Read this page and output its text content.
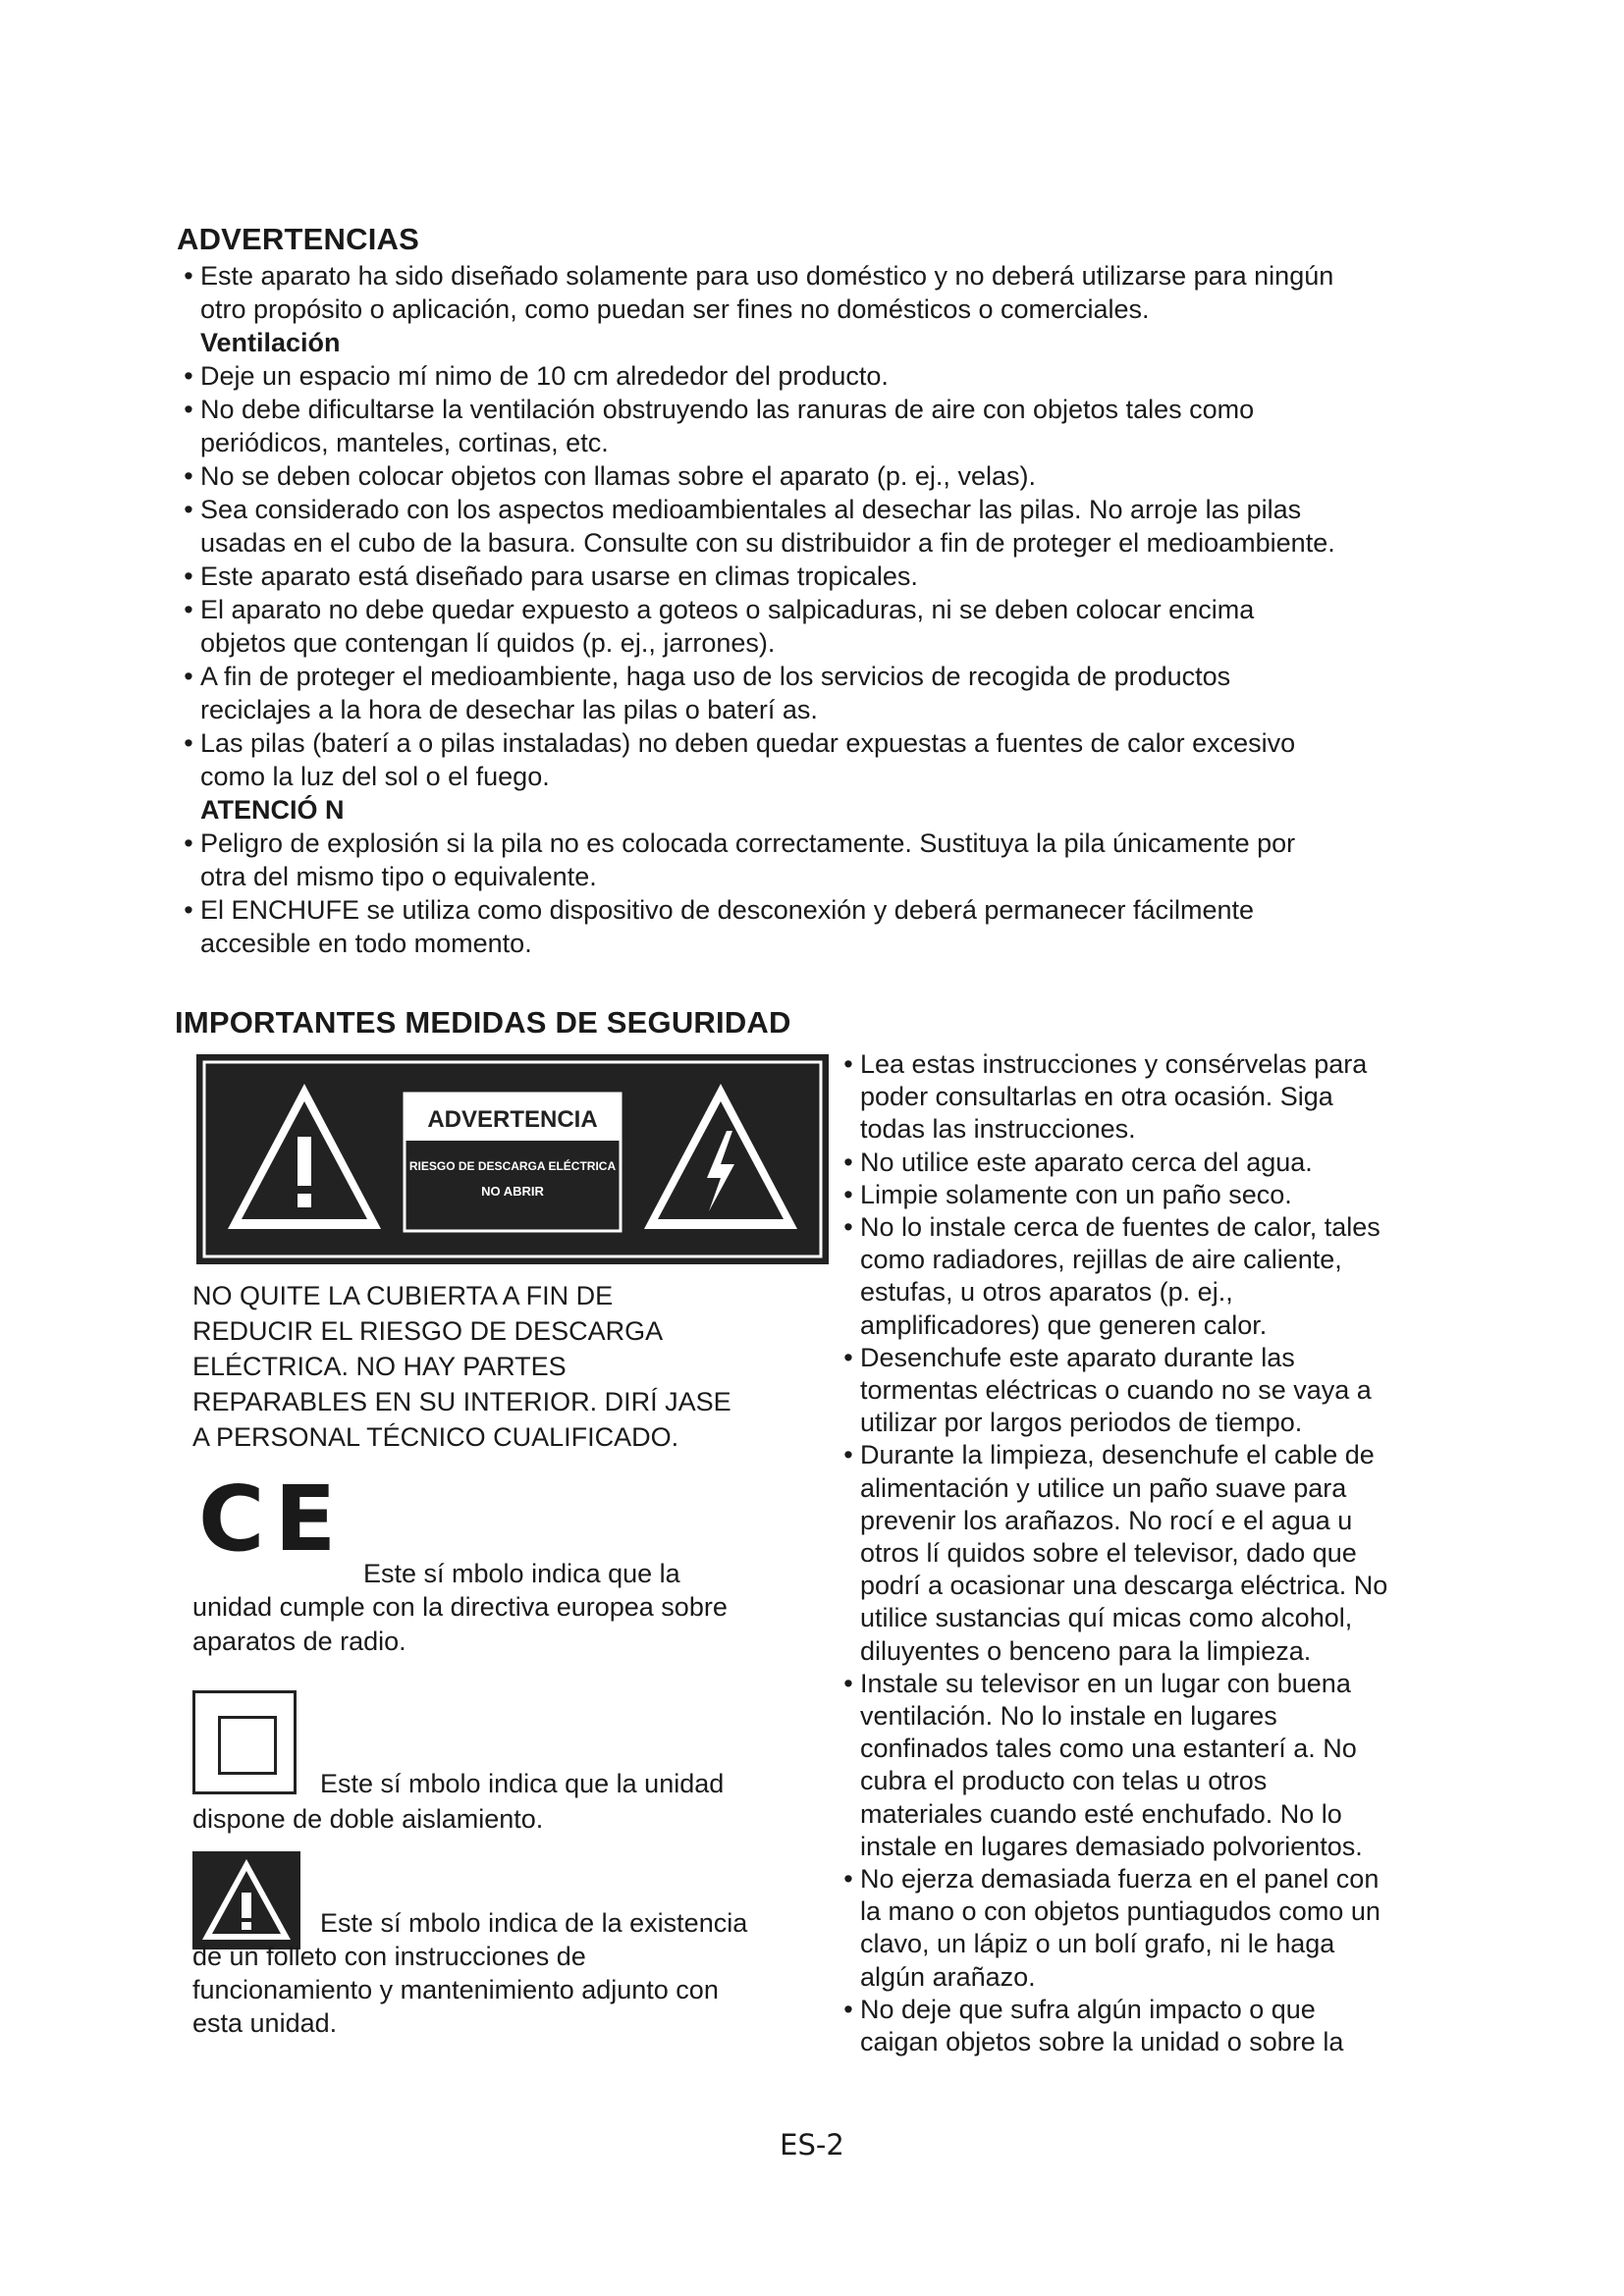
ADVERTENCIAS
• Este aparato ha sido diseñado solamente para uso doméstico y no deberá utilizarse para ningún
otro propósito o aplicación, como puedan ser fines no domésticos o comerciales.
Ventilación
• Deje un espacio mí nimo de 10 cm alrededor del producto.
• No debe dificultarse la ventilación obstruyendo las ranuras de aire con objetos tales como
periódicos, manteles, cortinas, etc.
• No se deben colocar objetos con llamas sobre el aparato (p. ej., velas).
• Sea considerado con los aspectos medioambientales al desechar las pilas. No arroje las pilas
usadas en el cubo de la basura. Consulte con su distribuidor a fin de proteger el medioambiente.
• Este aparato está diseñado para usarse en climas tropicales.
• El aparato no debe quedar expuesto a goteos o salpicaduras, ni se deben colocar encima
objetos que contengan lí quidos (p. ej., jarrones).
• A fin de proteger el medioambiente, haga uso de los servicios de recogida de productos
reciclajes a la hora de desechar las pilas o baterí as.
• Las pilas (baterí a o pilas instaladas) no deben quedar expuestas a fuentes de calor excesivo
como la luz del sol o el fuego.
ATENCIÓ N
• Peligro de explosión si la pila no es colocada correctamente. Sustituya la pila únicamente por
otra del mismo tipo o equivalente.
• El ENCHUFE se utiliza como dispositivo de desconexión y deberá permanecer fácilmente
accesible en todo momento.
IMPORTANTES MEDIDAS DE SEGURIDAD
ADVERTENCIA
RIESGO DE DESCARGA ELÉCTRICA
NO ABRIR
NO QUITE LA CUBIERTA A FIN DE
REDUCIR EL RIESGO DE DESCARGA
ELÉCTRICA. NO HAY PARTES
REPARABLES EN SU INTERIOR. DIRÍ JASE
A PERSONAL TÉCNICO CUALIFICADO.
CE
Este sí mbolo indica que la
unidad cumple con la directiva europea sobre
aparatos de radio.
Este sí mbolo indica que la unidad
dispone de doble aislamiento.
Este sí mbolo indica de la existencia
de un folleto con instrucciones de
funcionamiento y mantenimiento adjunto con
esta unidad.
• Lea estas instrucciones y consérvelas para
poder consultarlas en otra ocasión. Siga
todas las instrucciones.
• No utilice este aparato cerca del agua.
• Limpie solamente con un paño seco.
• No lo instale cerca de fuentes de calor, tales
como radiadores, rejillas de aire caliente,
estufas, u otros aparatos (p. ej.,
amplificadores) que generen calor.
• Desenchufe este aparato durante las
tormentas eléctricas o cuando no se vaya a
utilizar por largos periodos de tiempo.
• Durante la limpieza, desenchufe el cable de
alimentación y utilice un paño suave para
prevenir los arañazos. No rocí e el agua u
otros lí quidos sobre el televisor, dado que
podrí a ocasionar una descarga eléctrica. No
utilice sustancias quí micas como alcohol,
diluyentes o benceno para la limpieza.
• Instale su televisor en un lugar con buena
ventilación. No lo instale en lugares
confinados tales como una estanterí a. No
cubra el producto con telas u otros
materiales cuando esté enchufado. No lo
instale en lugares demasiado polvorientos.
• No ejerza demasiada fuerza en el panel con
la mano o con objetos puntiagudos como un
clavo, un lápiz o un bolí grafo, ni le haga
algún arañazo.
• No deje que sufra algún impacto o que
caigan objetos sobre la unidad o sobre la
ES-2
